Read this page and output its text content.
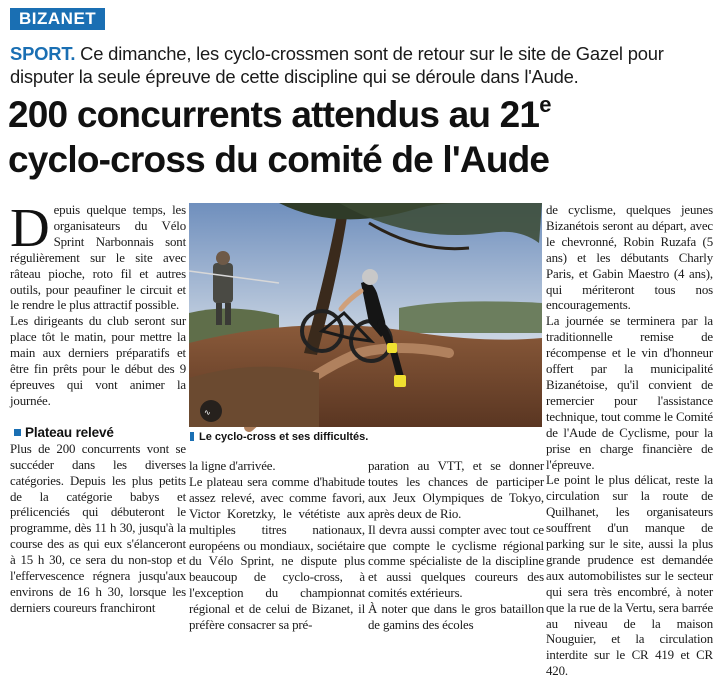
BIZANET
SPORT. Ce dimanche, les cyclo-crossmen sont de retour sur le site de Gazel pour disputer la seule épreuve de cette discipline qui se déroule dans l'Aude.
200 concurrents attendus au 21e
cyclo-cross du comité de l'Aude

Depuis quelque temps, les organisateurs du Vélo Sprint Narbonnais sont régulièrement sur le site avec râteau pioche, roto fil et autres outils, pour peaufiner le circuit et le rendre le plus attractif possible.

Les dirigeants du club seront sur place tôt le matin, pour mettre la main aux derniers préparatifs et être fin prêts pour le début des 9 épreuves qui vont animer la journée.

Plateau relevé

Plus de 200 concurrents vont se succéder dans les diverses catégories. Depuis les plus petits de la catégorie babys et prélicenciés qui débuteront le programme, dès 11 h 30, jusqu'à la course des as qui eux s'élanceront à 15 h 30, ce sera du non-stop et l'effervescence régnera jusqu'aux environs de 16 h 30, lorsque les derniers coureurs franchiront

∿
Le cyclo-cross et ses difficultés.

la ligne d'arrivée.

Le plateau sera comme d'habitude assez relevé, avec comme favori, Victor Koretzky, le vététiste aux multiples titres nationaux, européens ou mondiaux, sociétaire du Vélo Sprint, ne dispute plus beaucoup de cyclo-cross, à l'exception du championnat régional et de celui de Bizanet, il préfère consacrer sa pré-

paration au VTT, et se donner toutes les chances de participer aux Jeux Olympiques de Tokyo, après deux de Rio.

Il devra aussi compter avec tout ce que compte le cyclisme régional comme spécialiste de la discipline et aussi quelques coureurs des comités extérieurs.

À noter que dans le gros bataillon de gamins des écoles

de cyclisme, quelques jeunes Bizanétois seront au départ, avec le chevronné, Robin Ruzafa (5 ans) et les débutants Charly Paris, et Gabin Maestro (4 ans), qui mériteront tous nos encouragements.

La journée se terminera par la traditionnelle remise de récompense et le vin d'honneur offert par la municipalité Bizanétoise, qu'il convient de remercier pour l'assistance technique, tout comme le Comité de l'Aude de Cyclisme, pour la prise en charge financière de l'épreuve.

Le point le plus délicat, reste la circulation sur la route de Quilhanet, les organisateurs souffrent d'un manque de parking sur le site, aussi la plus grande prudence est demandée aux automobilistes sur le secteur qui sera très encombré, à noter que la rue de la Vertu, sera barrée au niveau de la maison Nouguier, et la circulation interdite sur le CR 419 et CR 420.
